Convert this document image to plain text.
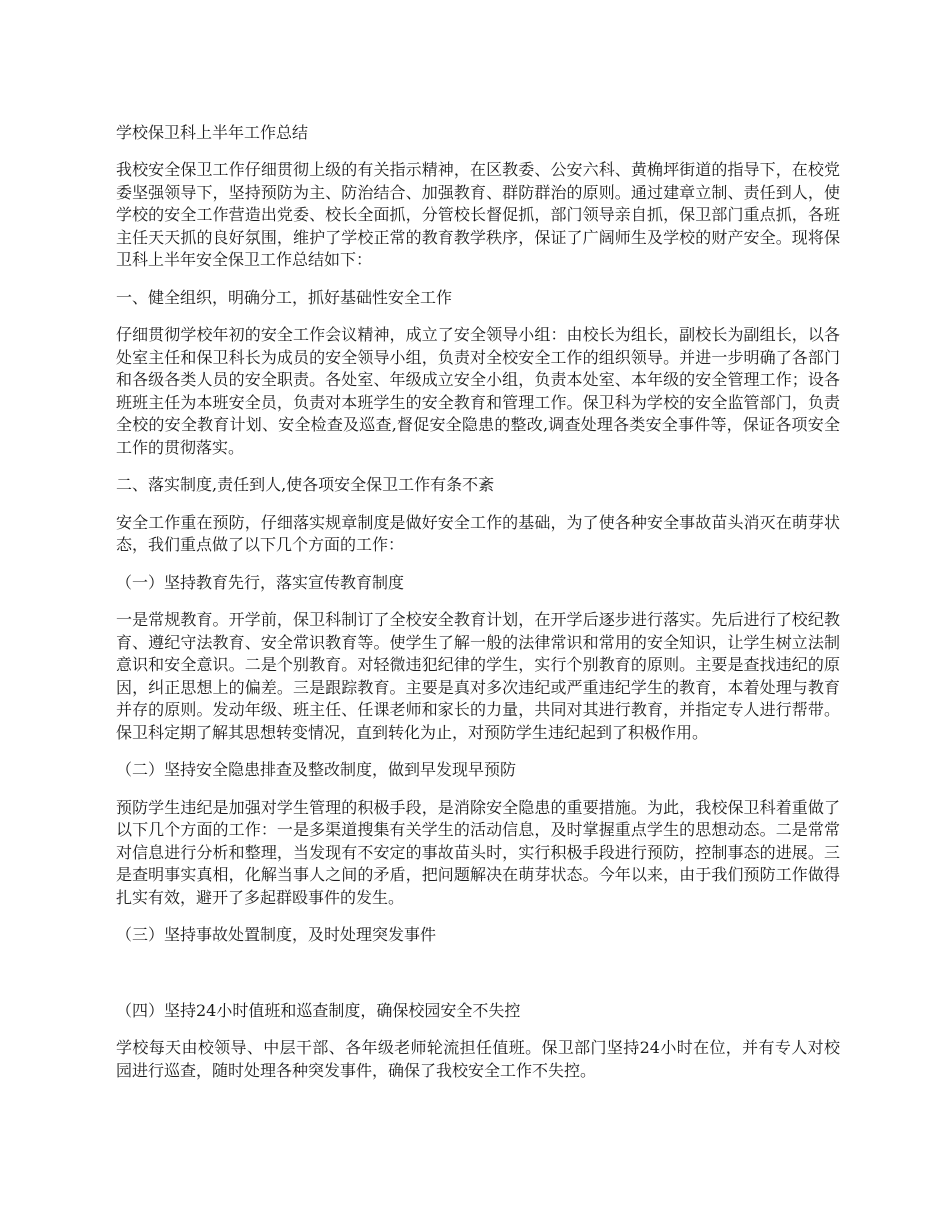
学校保卫科上半年工作总结

我校安全保卫工作仔细贯彻上级的有关指示精神，在区教委、公安六科、黄桷坪街道的指导下，在校党委坚强领导下，坚持预防为主、防治结合、加强教育、群防群治的原则。通过建章立制、责任到人，使学校的安全工作营造出党委、校长全面抓，分管校长督促抓，部门领导亲自抓，保卫部门重点抓，各班主任天天抓的良好氛围，维护了学校正常的教育教学秩序，保证了广阔师生及学校的财产安全。现将保卫科上半年安全保卫工作总结如下：

一、健全组织，明确分工，抓好基础性安全工作

仔细贯彻学校年初的安全工作会议精神，成立了安全领导小组：由校长为组长，副校长为副组长，以各处室主任和保卫科长为成员的安全领导小组，负责对全校安全工作的组织领导。并进一步明确了各部门和各级各类人员的安全职责。各处室、年级成立安全小组，负责本处室、本年级的安全管理工作；设各班班主任为本班安全员，负责对本班学生的安全教育和管理工作。保卫科为学校的安全监管部门，负责全校的安全教育计划、安全检查及巡查,督促安全隐患的整改,调查处理各类安全事件等，保证各项安全工作的贯彻落实。

二、落实制度,责任到人,使各项安全保卫工作有条不紊

安全工作重在预防，仔细落实规章制度是做好安全工作的基础，为了使各种安全事故苗头消灭在萌芽状态，我们重点做了以下几个方面的工作：

（一）坚持教育先行，落实宣传教育制度

一是常规教育。开学前，保卫科制订了全校安全教育计划，在开学后逐步进行落实。先后进行了校纪教育、遵纪守法教育、安全常识教育等。使学生了解一般的法律常识和常用的安全知识，让学生树立法制意识和安全意识。二是个别教育。对轻微违犯纪律的学生，实行个别教育的原则。主要是查找违纪的原因，纠正思想上的偏差。三是跟踪教育。主要是真对多次违纪或严重违纪学生的教育，本着处理与教育并存的原则。发动年级、班主任、任课老师和家长的力量，共同对其进行教育，并指定专人进行帮带。保卫科定期了解其思想转变情况，直到转化为止，对预防学生违纪起到了积极作用。

（二）坚持安全隐患排查及整改制度，做到早发现早预防

预防学生违纪是加强对学生管理的积极手段，是消除安全隐患的重要措施。为此，我校保卫科着重做了以下几个方面的工作：一是多渠道搜集有关学生的活动信息，及时掌握重点学生的思想动态。二是常常对信息进行分析和整理，当发现有不安定的事故苗头时，实行积极手段进行预防，控制事态的进展。三是查明事实真相，化解当事人之间的矛盾，把问题解决在萌芽状态。今年以来，由于我们预防工作做得扎实有效，避开了多起群殴事件的发生。

（三）坚持事故处置制度，及时处理突发事件
（四）坚持24小时值班和巡查制度，确保校园安全不失控

学校每天由校领导、中层干部、各年级老师轮流担任值班。保卫部门坚持24小时在位，并有专人对校园进行巡查，随时处理各种突发事件，确保了我校安全工作不失控。
